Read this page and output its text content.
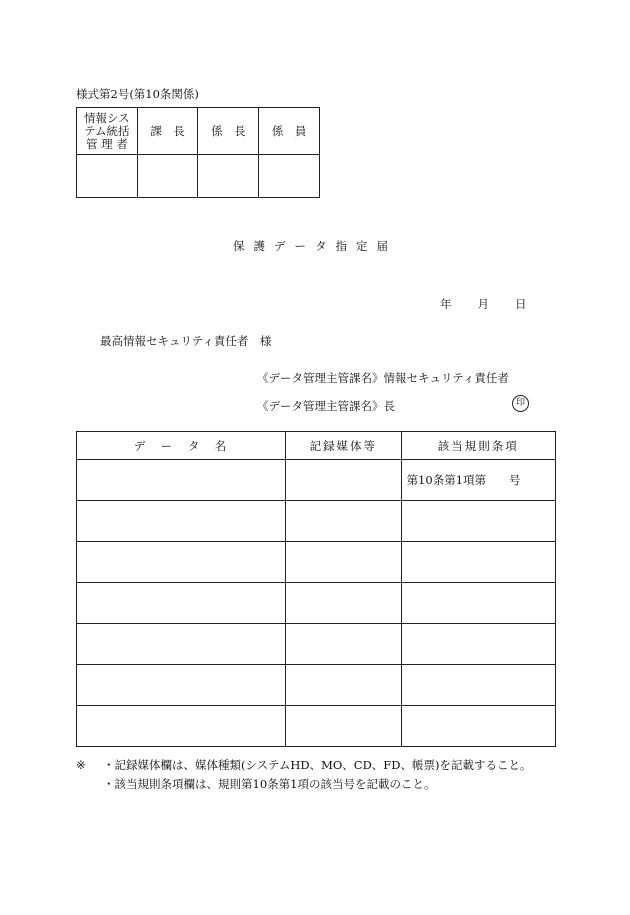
様式第2号(第10条関係)
情報シス
テム統括
管 理 者	課　長	係　長	係　員

保護データ指定届
年 月 日
最高情報セキュリティ責任者　様
《データ管理主管課名》情報セキュリティ責任者
《データ管理主管課名》長	印
デ　ー　タ　名	記録媒体等	該当規則条項
		第10条第1項第　　号

※ ・記録媒体欄は、媒体種類(システムHD、MO、CD、FD、帳票)を記載すること。
・該当規則条項欄は、規則第10条第1項の該当号を記載のこと。
